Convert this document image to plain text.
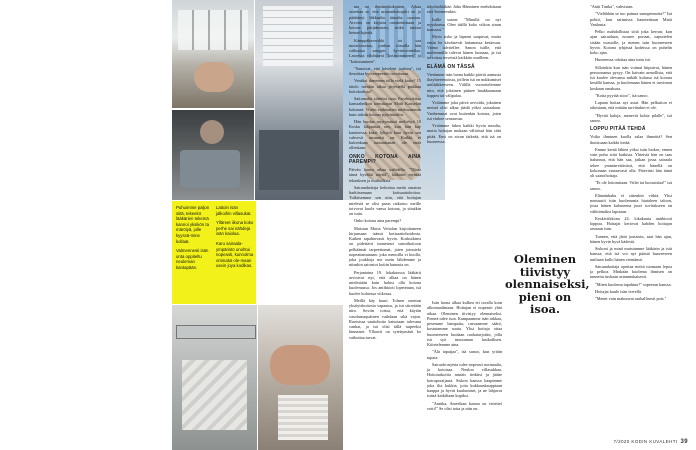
Puhuimme paljon siitä, tekeekö lääkärien tekemä kannoi yksikön ta märöiyä, jolle kyyssä-mine kollaat.

Valmennesti isän unta oppiteltu neuleman kantapään.

Lattoin isän jalkoihin villasukat.

Ylläreet iikona koko perhe sai nähdeja isän kaiolua.

Karu sairaala-ympäristö unohtui nopeasti, kunnolma ominalut ole-maan usein joya kodikas.

ma on ihmisenkokoinen. Aikaa sairettaa se, että sairaanhoitopiiri on jo päättänyt läkkaalta tiimalta osastan. Arvoitu on kirjattu omaiteimisaan ja kotona pärjäämisen, mikä tuntuu heimellajiettä.

Kämppäkaverikki toi saa muistiosuttaa, jonkon riissalla hän valkuttaa sanigen hyvinvointeilaa. Lasoessa viluhtavat "kotisuttuminen" ja "kotiutuminen".

"Sanotvat, että käveleni joulona", isä ilmoittaa hyötempeettin tavottuaan.

Venäksi ihmeinen tulla vielä kotin? 15 tätolo meidän alkaa järjestellä paikkaa hoitokodista?

Sattumalta silmiini osuu Facebookissa kanssaheikon toimittajan Matti Kauselan kolumni: Viiriin vaihtuateni mielusammin kuin tulisin kotona pyörätuoliin.

Hän kuolaa myttymässä meliehyä 10 Koska lakjaattaa sen, kun hän kay kautteessa kaksi lyhyttä kuin hyvin sen vahvesti arvannisi on: Kaikki ei kuitenkaan tuntuuttanan ole enää ollenkaan.

ONKO KOTONA AINA PAREMPI?

Päivän haava aikaa vaihdella. "Tilnär tämä hyvältä näyttä", lääkärin myntää tekauksen ja osaltudksia.

Sairaanhoitaja kehottaa meitä omaisia harkitsemaan kotisaattohoitoa. Tulkitsemme sen niin, että hoitajan mielestä se olisi paras ratkaisu: meille toivovat kuole vansa kotona, ja siinäkin on tuttu.

Onko kotona aina parempi?

Muistan Marta Veitolan kirjoittaneen kirjansaan isänsä kotisaattohoidosta. Kaiken tapahtuvasti hyvin. Koskutkinsi on pidettävä tunnetusti saatoihoitoon pelkäämät tarpeettomat, joten jotunieki nopeattamanaan: joka menoilla ei kuolla, joka joukkoja me usein lähdemme ja niisnkin sairastot kotiin kunnsia on.

Perjantaina 19. lokakuussa lääkärit arvioivat nyt, että alkaa on hänen mielestään kuin halusi olla kotona kuolemassa. Jos antibiooti lopetetaan, isä kuolee kuluessa viikossa.

Meillä käy hauri. Tolnen ousetun yksityishoitosta vapautus, ja isä siirretään niin. Soviin toissa, että käytän vasolumaquäinen vaihdaan sikä vajon. Ruotsissa saattohoito katsotaan tulevana vanhat, ja isä olisi tällä tarpeeksi hinnaiset. Yllaavit on sytettymästi ko vaikuttaa turvat.

tohohtolääkäri Juha Hänninen enehdottaan että Suomeenkin.

Isälle sanon: "Minulla on nyt nyyskoma. Olen täällä koko viikon sinun kanssasi."

Myös sisko ja lapseni saapuvat, mutta ensin he käväisevät lattamassa kesäosan. Vaimo talvitellee. Sanon isälle, että molemmilla tulevat hänen luonaan, ja isä toivottaa terveisiä kaikkiin muilleen.

ELÄMÄ ON TÄSSÄ

Vietämme isän luona kaikki päivät aamusta iltayhteeentoista, joillein isä on nukkumiset unilääkkeeseen. Välillä vuorottelemme niin, että jokainen pääsee haukkaamaan happea tai välipalaa.

Yritämme joka päivä arvioida, jokainen meistä olisi alkaa jäädä yöksi sairaalaan. Vanhemmat ovat kuitenkin kotona, joten isä vinkee seuraavan.

Yritämme lukea kaikki hyvin muulta, mutta hoitajan mukaan välitössä hän siitä pitää. Ensi on aivan tärkeää, että isä on huoneessa.

Oleminen tiivistyy olennaiseksi, pieni on isoa.

Isän luona alkaa kulkea ett tavalla kuin ulkomaailmaan. Hoitajan ei nopeasti yhtä aikaa. Oleminen tiivistyy olennaiseksi. Pieneä tulee isoa. Kampaamme isän tukkaa, pesemme hampaita, rasvaamme säärö, kostutamme suuta. Yksi hoitaja ottaa huomeeseen luodaan ruokatarjottin, jolla isä syö muutaman lusikallisen. Kiitetelemme aina.

"Älä tapatjaa", isä sanoo, kun yritän tupata.

Sairaala-arjesta tulee nopeasti normaalia, ja kotoisaa. Neulon villasukkaa. Hoitotarkoitia minäis tiedäisi ja jäätte koiraporaijasta. Siskon kanssa kaapimme joka ilta kukkia, joita kukkauskauppiaan kauppa ja hyvät kuulumiset, ja ne lahjavat isästä kaikiltaan kupiksi.

"Annika, Amerikan kasma on virtettei votti!" Se olisi totta ja niin on.

"Antti Tunka", vahvistan.

"Vielähhän se tuo painua sunnpennoita?" Isä pohtii, kun satimissa hauntettiaan Matti Vanhasta.

Pelko mahdollistaa siitä joka kerran, kun ajan sairaalaan, nousee portaat, oaputtelen sisään osastolle, ja menen isän huoneeseen hyvin. Kotona tyhjässä kodeissa on puhelin koko ajan.

Huoneessa odottaa aina tuttu isä.

Silloinkin kun isän voimat hiipuivat, hänen persoonansa pysyy. On kaivain armollista, että isä kuolee olevansa mikäli kulassa isä kotona kesällä kanssa, ja kuolemaan hänen ei tarvinnut koskaan omaksua.

"Kotia pyytää sitoo", isä sanoo.

Lupaan hoitaa nyt asiat. Hän pelkuiton ei oikestaan, että mitään tarvittakin ei ole.

"Hyvää kaloja, menevät kohta pilalle", isä sanoo.

LOPPU PITÄÄ TEHDÄ

Voiko ihminen kuolla salaa ihmeittä? Sen ikuistuaan kaikki tietää.

Emme kerää lähteä yöksi isän luokse, ennen vain puhu siitä kaikista. Yhteistä hän on taas halunnut, että hän saa, jatkan jossa sairaala tekee ymmärrettävästi, että hänellä on kokonaan vastaavasti olla. Pätevästi hän tämä oli saatoihoitaja.

"Et ole lottomitaan. Vitlet tai luotatoitaa!" isä sanoo.

Elämänhaku ei sittenkin viihtä. Yksi nonsuutti isän kuolemasta hiutaleen taloon, josta hänen kuluneena juuri sovitukseen on välittömäksi lapsiaan.

Keskiviikkona 24. lokakuuta antibiooti loppuu. Hoitajat kertovat kahden hoitajan seuraan isän.

Tunnen, että jättä joutaisin, saat hän ajan, hänen hyvin hyvä kädestä.

Siskoni ja minä muistamme lääkärin ja isät kanssa, että isä voi nyt päästä haaveeseen uniltaan kullo hänen vientänsä.

Sairaanhoitaja opettaa meitä tuomaan lepoa ja pelkoa. Minkään kuolema ihmisen on tunnettu tuskaan asianmukaisesti.

"Miten kuolema tapahtuu?" sopeeran kanssa.

Hoitajat kuule isän vierellä.

"Menet vain makuuvat rauhallisesti pois."

7/2020 KODIN KUVALEHTI 39
